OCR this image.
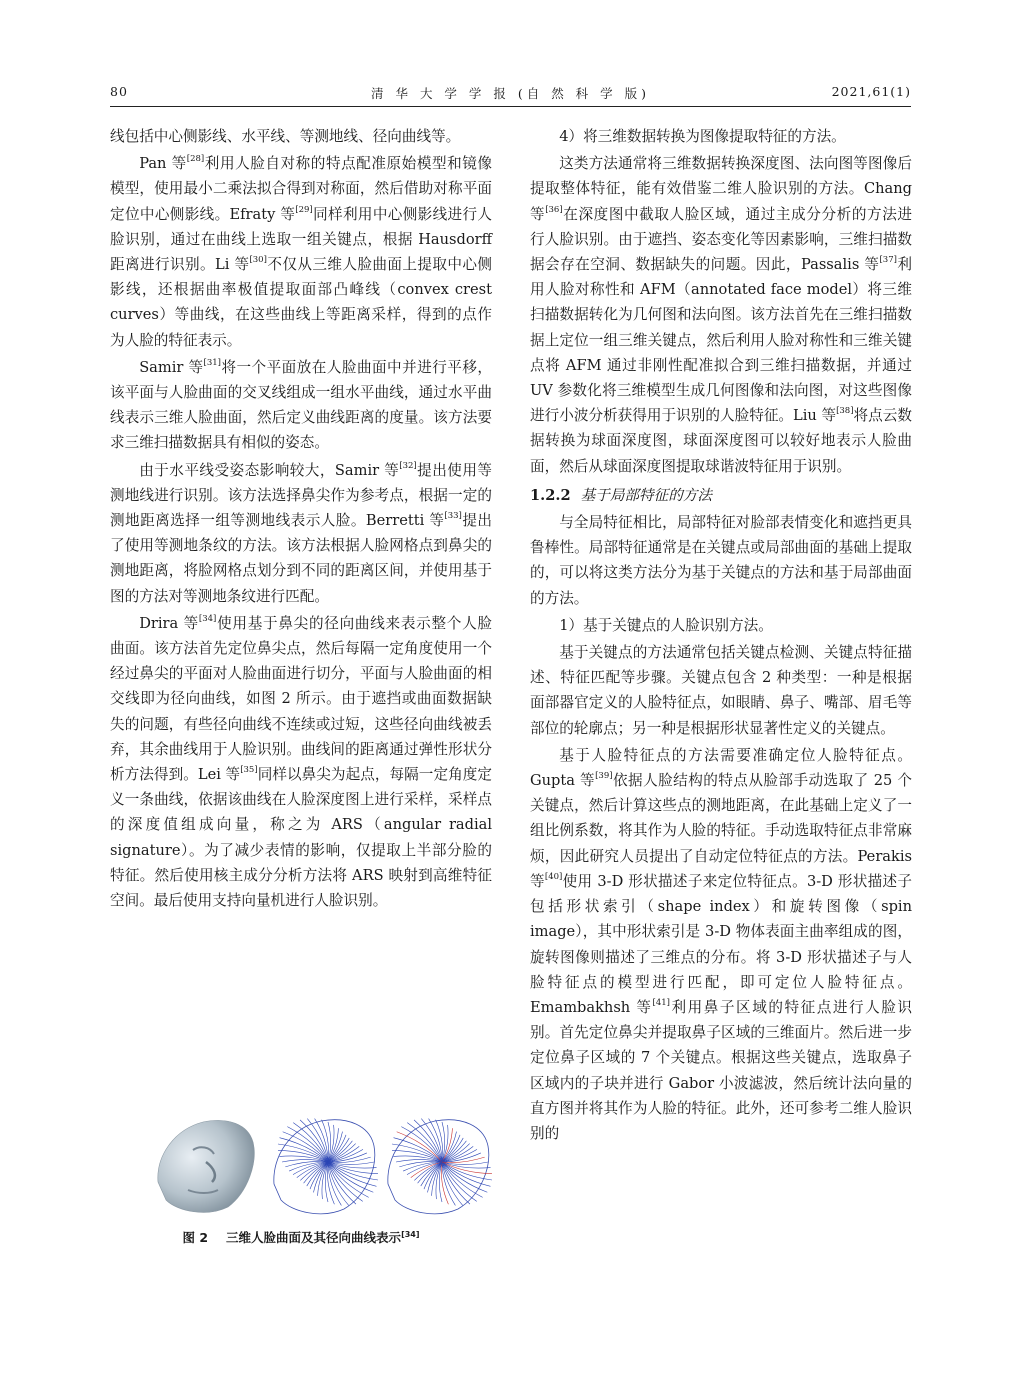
80	清 华 大 学 学 报 (自 然 科 学 版)	2021,61(1)

线包括中心侧影线、水平线、等测地线、径向曲线等。

Pan 等[28]利用人脸自对称的特点配准原始模型和镜像模型，使用最小二乘法拟合得到对称面，然后借助对称平面定位中心侧影线。Efraty 等[29]同样利用中心侧影线进行人脸识别，通过在曲线上选取一组关键点，根据 Hausdorff 距离进行识别。Li 等[30]不仅从三维人脸曲面上提取中心侧影线，还根据曲率极值提取面部凸峰线（convex crest curves）等曲线，在这些曲线上等距离采样，得到的点作为人脸的特征表示。

Samir 等[31]将一个平面放在人脸曲面中并进行平移，该平面与人脸曲面的交叉线组成一组水平曲线，通过水平曲线表示三维人脸曲面，然后定义曲线距离的度量。该方法要求三维扫描数据具有相似的姿态。

由于水平线受姿态影响较大，Samir 等[32]提出使用等测地线进行识别。该方法选择鼻尖作为参考点，根据一定的测地距离选择一组等测地线表示人脸。Berretti 等[33]提出了使用等测地条纹的方法。该方法根据人脸网格点到鼻尖的测地距离，将脸网格点划分到不同的距离区间，并使用基于图的方法对等测地条纹进行匹配。

Drira 等[34]使用基于鼻尖的径向曲线来表示整个人脸曲面。该方法首先定位鼻尖点，然后每隔一定角度使用一个经过鼻尖的平面对人脸曲面进行切分，平面与人脸曲面的相交线即为径向曲线，如图 2 所示。由于遮挡或曲面数据缺失的问题，有些径向曲线不连续或过短，这些径向曲线被丢弃，其余曲线用于人脸识别。曲线间的距离通过弹性形状分析方法得到。Lei 等[35]同样以鼻尖为起点，每隔一定角度定义一条曲线，依据该曲线在人脸深度图上进行采样，采样点的深度值组成向量，称之为 ARS（angular radial signature）。为了减少表情的影响，仅提取上半部分脸的特征。然后使用核主成分分析方法将 ARS 映射到高维特征空间。最后使用支持向量机进行人脸识别。

图 2 三维人脸曲面及其径向曲线表示[34]

4）将三维数据转换为图像提取特征的方法。

这类方法通常将三维数据转换深度图、法向图等图像后提取整体特征，能有效借鉴二维人脸识别的方法。Chang 等[36]在深度图中截取人脸区域，通过主成分分析的方法进行人脸识别。由于遮挡、姿态变化等因素影响，三维扫描数据会存在空洞、数据缺失的问题。因此，Passalis 等[37]利用人脸对称性和 AFM（annotated face model）将三维扫描数据转化为几何图和法向图。该方法首先在三维扫描数据上定位一组三维关键点，然后利用人脸对称性和三维关键点将 AFM 通过非刚性配准拟合到三维扫描数据，并通过 UV 参数化将三维模型生成几何图像和法向图，对这些图像进行小波分析获得用于识别的人脸特征。Liu 等[38]将点云数据转换为球面深度图，球面深度图可以较好地表示人脸曲面，然后从球面深度图提取球谐波特征用于识别。

1.2.2 基于局部特征的方法

与全局特征相比，局部特征对脸部表情变化和遮挡更具鲁棒性。局部特征通常是在关键点或局部曲面的基础上提取的，可以将这类方法分为基于关键点的方法和基于局部曲面的方法。

1）基于关键点的人脸识别方法。

基于关键点的方法通常包括关键点检测、关键点特征描述、特征匹配等步骤。关键点包含 2 种类型：一种是根据面部器官定义的人脸特征点，如眼睛、鼻子、嘴部、眉毛等部位的轮廓点；另一种是根据形状显著性定义的关键点。

基于人脸特征点的方法需要准确定位人脸特征点。Gupta 等[39]依据人脸结构的特点从脸部手动选取了 25 个关键点，然后计算这些点的测地距离，在此基础上定义了一组比例系数，将其作为人脸的特征。手动选取特征点非常麻烦，因此研究人员提出了自动定位特征点的方法。Perakis 等[40]使用 3-D 形状描述子来定位特征点。3-D 形状描述子包括形状索引（shape index）和旋转图像（spin image），其中形状索引是 3-D 物体表面主曲率组成的图，旋转图像则描述了三维点的分布。将 3-D 形状描述子与人脸特征点的模型进行匹配，即可定位人脸特征点。Emambakhsh 等[41]利用鼻子区域的特征点进行人脸识别。首先定位鼻尖并提取鼻子区域的三维面片。然后进一步定位鼻子区域的 7 个关键点。根据这些关键点，选取鼻子区域内的子块并进行 Gabor 小波滤波，然后统计法向量的直方图并将其作为人脸的特征。此外，还可参考二维人脸识别的
